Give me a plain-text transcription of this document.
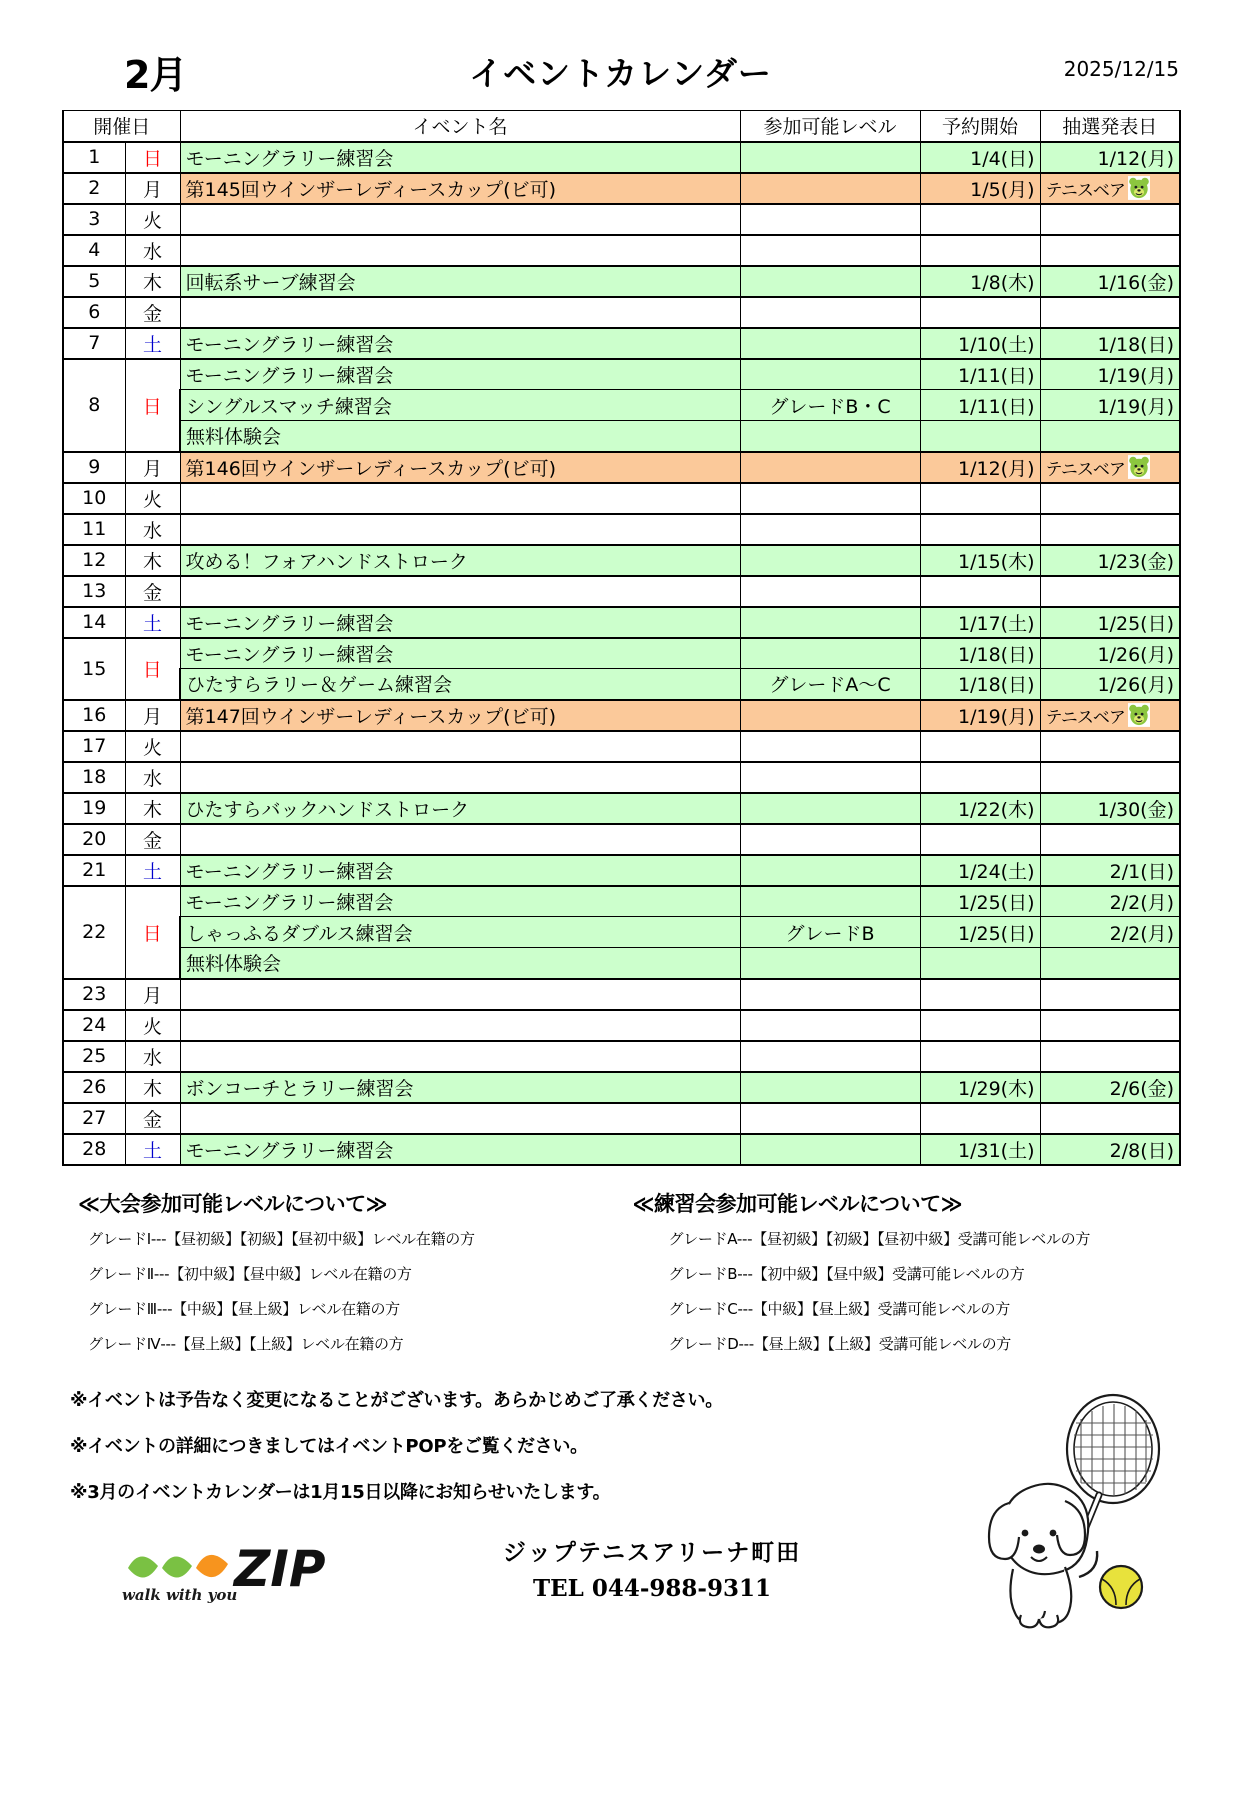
2月	イベントカレンダー	2025/12/15
開催日		イベント名	参加可能レベル	予約開始	抽選発表日
1	日	モーニングラリー練習会		1/4(日)	1/12(月)
2	月	第145回ウインザーレディースカップ(ビ可)		1/5(月)	テニスベア

3	火				
4	水				
5	木	回転系サーブ練習会		1/8(木)	1/16(金)
6	金				
7	土	モーニングラリー練習会		1/10(土)	1/18(日)
8	日	モーニングラリー練習会		1/11(日)	1/19(月)
		シングルスマッチ練習会	グレードB・C	1/11(日)	1/19(月)
		無料体験会			
9	月	第146回ウインザーレディースカップ(ビ可)		1/12(月)	テニスベア

10	火				
11	水				
12	木	攻める！フォアハンドストローク		1/15(木)	1/23(金)
13	金				
14	土	モーニングラリー練習会		1/17(土)	1/25(日)
15	日	モーニングラリー練習会		1/18(日)	1/26(月)
		ひたすらラリー＆ゲーム練習会	グレードA〜C	1/18(日)	1/26(月)
16	月	第147回ウインザーレディースカップ(ビ可)		1/19(月)	テニスベア

17	火				
18	水				
19	木	ひたすらバックハンドストローク		1/22(木)	1/30(金)
20	金				
21	土	モーニングラリー練習会		1/24(土)	2/1(日)
22	日	モーニングラリー練習会		1/25(日)	2/2(月)
		しゃっふるダブルス練習会	グレードB	1/25(日)	2/2(月)
		無料体験会			
23	月				
24	火				
25	水				
26	木	ボンコーチとラリー練習会		1/29(木)	2/6(金)
27	金				
28	土	モーニングラリー練習会		1/31(土)	2/8(日)
≪大会参加可能レベルについて≫
グレードⅠ---【昼初級】【初級】【昼初中級】レベル在籍の方
グレードⅡ---【初中級】【昼中級】レベル在籍の方
グレードⅢ---【中級】【昼上級】レベル在籍の方
グレードⅣ---【昼上級】【上級】レベル在籍の方
≪練習会参加可能レベルについて≫
グレードA---【昼初級】【初級】【昼初中級】受講可能レベルの方
グレードB---【初中級】【昼中級】受講可能レベルの方
グレードC---【中級】【昼上級】受講可能レベルの方
グレードD---【昼上級】【上級】受講可能レベルの方
※イベントは予告なく変更になることがございます。あらかじめご了承ください。
※イベントの詳細につきましてはイベントPOPをご覧ください。
※3月のイベントカレンダーは1月15日以降にお知らせいたします。
ZIP
walk with you
ジップテニスアリーナ町田
TEL 044-988-9311
